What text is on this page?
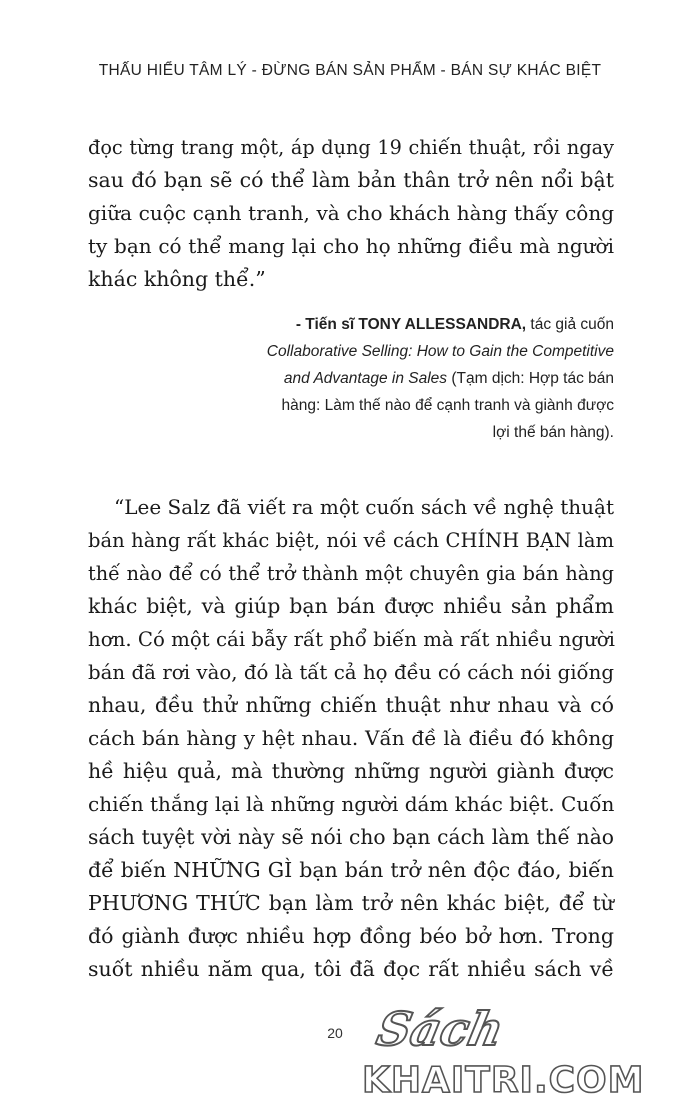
THẤU HIỂU TÂM LÝ - ĐỪNG BÁN SẢN PHẨM - BÁN SỰ KHÁC BIỆT
đọc từng trang một, áp dụng 19 chiến thuật, rồi ngay
sau đó bạn sẽ có thể làm bản thân trở nên nổi bật
giữa cuộc cạnh tranh, và cho khách hàng thấy công
ty bạn có thể mang lại cho họ những điều mà người
khác không thể.”
- Tiến sĩ TONY ALLESSANDRA, tác giả cuốn
Collaborative Selling: How to Gain the Competitive
and Advantage in Sales (Tạm dịch: Hợp tác bán
hàng: Làm thế nào để cạnh tranh và giành được
lợi thế bán hàng).
“Lee Salz đã viết ra một cuốn sách về nghệ thuật
bán hàng rất khác biệt, nói về cách CHÍNH BẠN làm
thế nào để có thể trở thành một chuyên gia bán hàng
khác biệt, và giúp bạn bán được nhiều sản phẩm
hơn. Có một cái bẫy rất phổ biến mà rất nhiều người
bán đã rơi vào, đó là tất cả họ đều có cách nói giống
nhau, đều thử những chiến thuật như nhau và có
cách bán hàng y hệt nhau. Vấn đề là điều đó không
hề hiệu quả, mà thường những người giành được
chiến thắng lại là những người dám khác biệt. Cuốn
sách tuyệt vời này sẽ nói cho bạn cách làm thế nào
để biến NHỮNG GÌ bạn bán trở nên độc đáo, biến
PHƯƠNG THỨC bạn làm trở nên khác biệt, để từ
đó giành được nhiều hợp đồng béo bở hơn. Trong
suốt nhiều năm qua, tôi đã đọc rất nhiều sách về
20 Sách
KHAITRI.COM
